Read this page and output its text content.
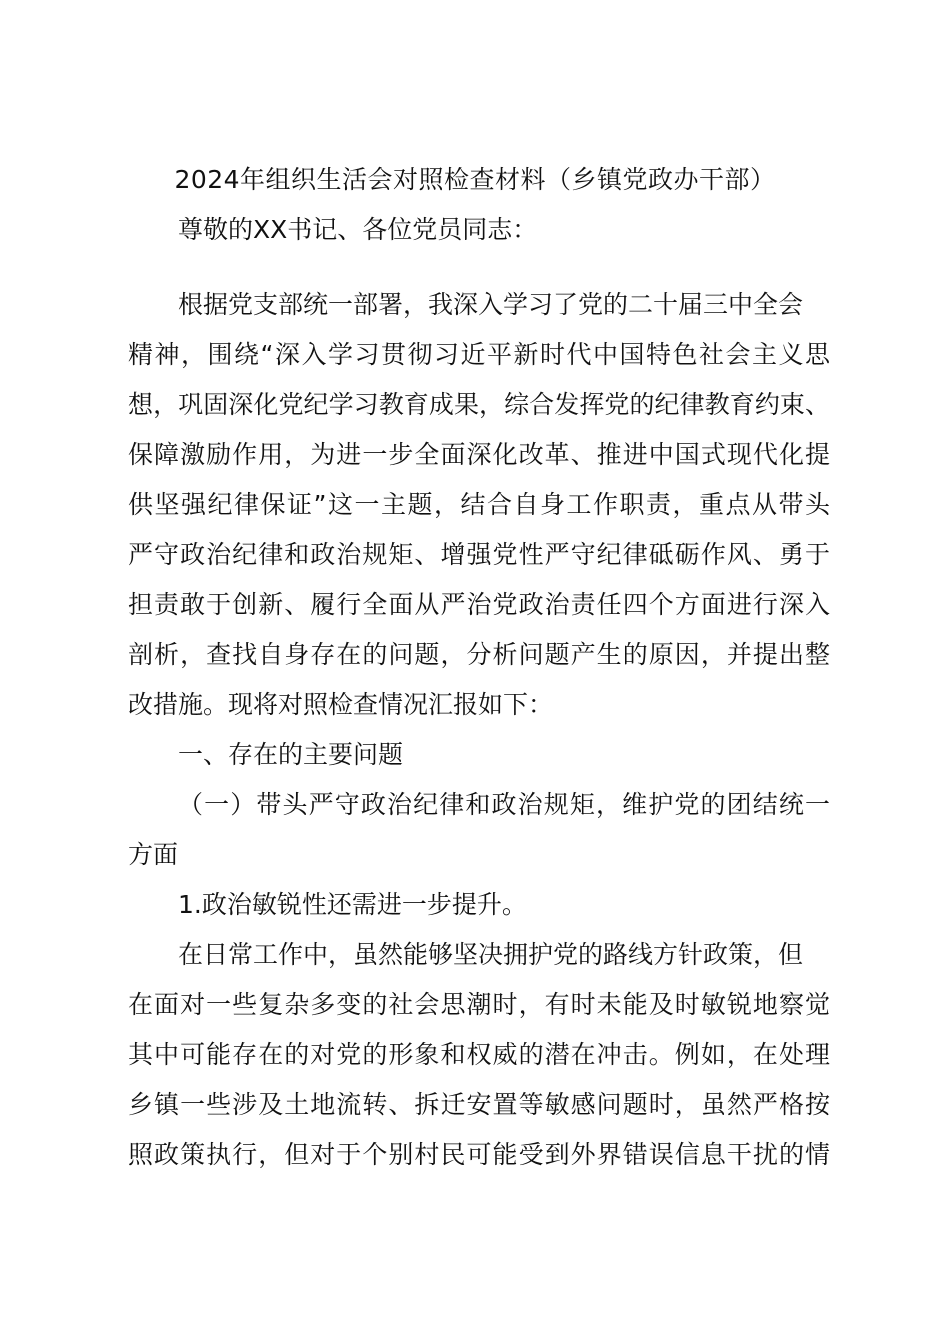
2024年组织生活会对照检查材料（乡镇党政办干部）

尊敬的XX书记、各位党员同志：

根据党支部统一部署，我深入学习了党的二十届三中全会

精神，围绕“深入学习贯彻习近平新时代中国特色社会主义思

想，巩固深化党纪学习教育成果，综合发挥党的纪律教育约束、

保障激励作用，为进一步全面深化改革、推进中国式现代化提

供坚强纪律保证”这一主题，结合自身工作职责，重点从带头

严守政治纪律和政治规矩、增强党性严守纪律砥砺作风、勇于

担责敢于创新、履行全面从严治党政治责任四个方面进行深入

剖析，查找自身存在的问题，分析问题产生的原因，并提出整

改措施。现将对照检查情况汇报如下：

一、存在的主要问题

（一）带头严守政治纪律和政治规矩，维护党的团结统一

方面

1.政治敏锐性还需进一步提升。

在日常工作中，虽然能够坚决拥护党的路线方针政策，但

在面对一些复杂多变的社会思潮时，有时未能及时敏锐地察觉

其中可能存在的对党的形象和权威的潜在冲击。例如，在处理

乡镇一些涉及土地流转、拆迁安置等敏感问题时，虽然严格按

照政策执行，但对于个别村民可能受到外界错误信息干扰的情
